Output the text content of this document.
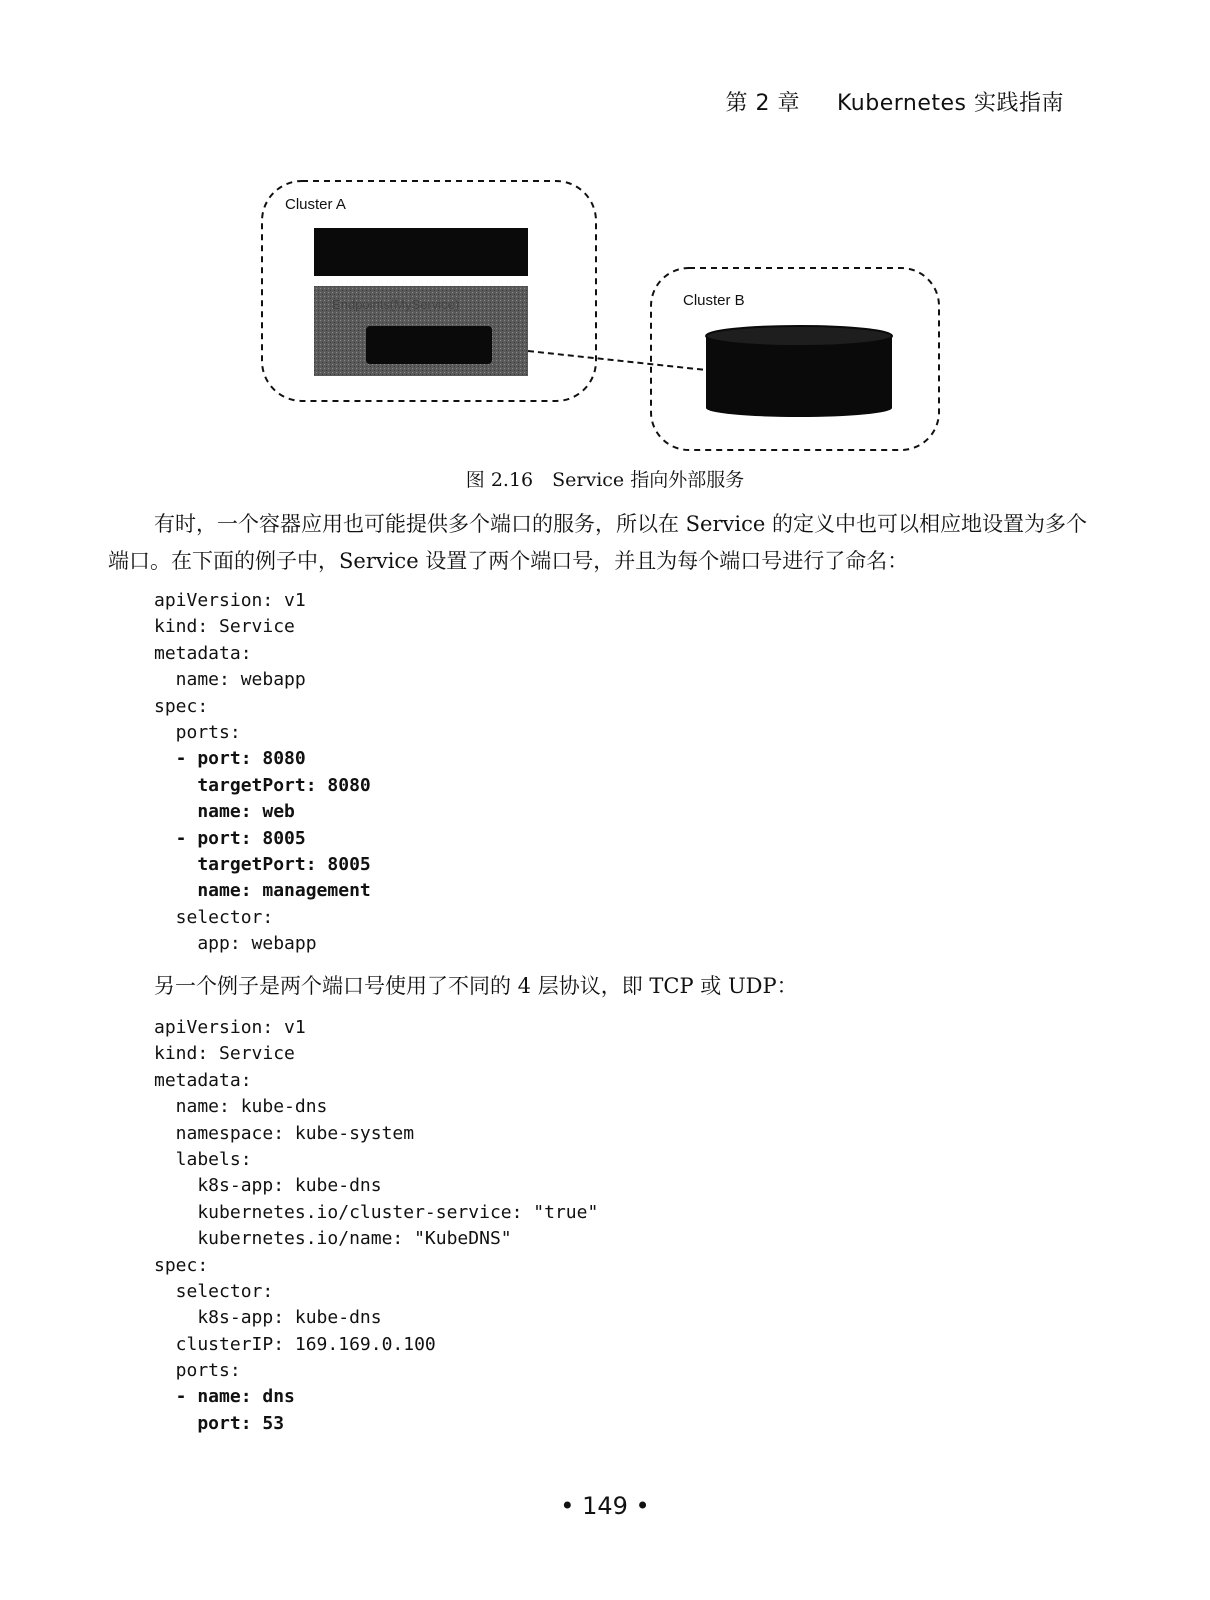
第 2 章 Kubernetes 实践指南
Cluster A
Endpoints(MyService)	Cluster B
图 2.16　Service 指向外部服务
有时，一个容器应用也可能提供多个端口的服务，所以在 Service 的定义中也可以相应地设置为多个端口。在下面的例子中，Service 设置了两个端口号，并且为每个端口号进行了命名：
apiVersion: v1
kind: Service
metadata:
name: webapp
spec:
ports:
- port: 8080
targetPort: 8080
name: web
- port: 8005
targetPort: 8005
name: management
selector:
app: webapp
另一个例子是两个端口号使用了不同的 4 层协议，即 TCP 或 UDP：
apiVersion: v1
kind: Service
metadata:
name: kube-dns
namespace: kube-system
labels:
k8s-app: kube-dns
kubernetes.io/cluster-service: "true"
kubernetes.io/name: "KubeDNS"
spec:
selector:
k8s-app: kube-dns
clusterIP: 169.169.0.100
ports:
- name: dns
port: 53
• 149 •
